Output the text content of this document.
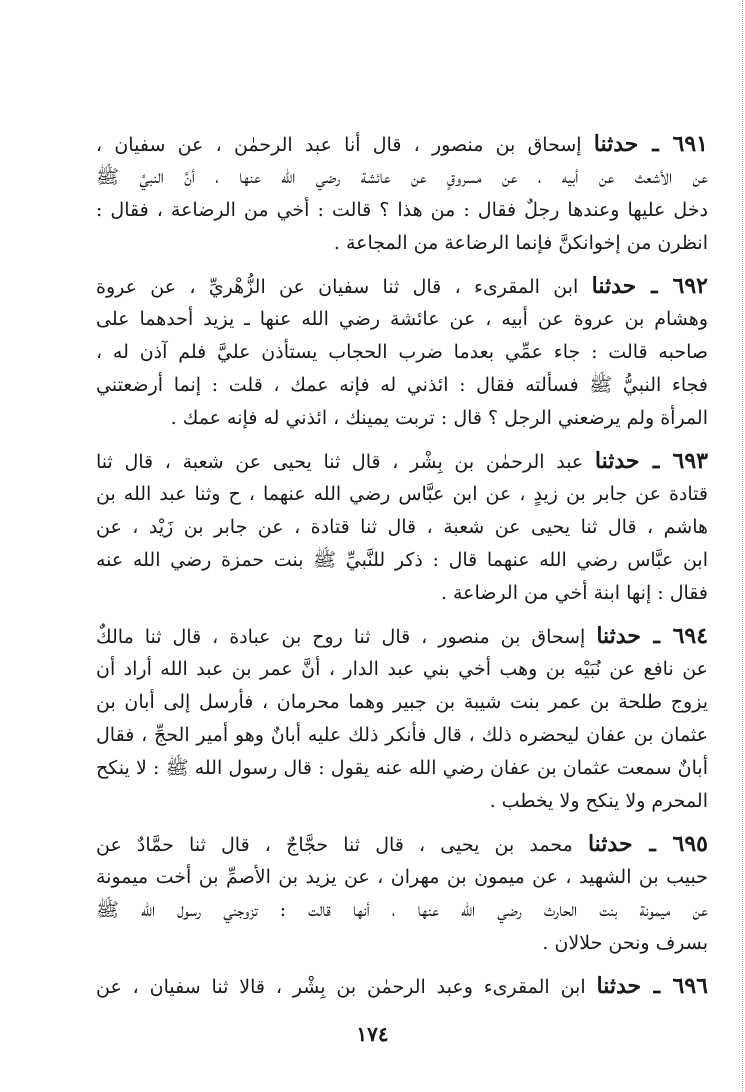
٦٩١ ـ حدثنا إسحاق بن منصور ، قال أنا عبد الرحمٰن ، عن سفيان ،
عن الأشعث عن أبيه ، عن مسروقٍ عن عائشة رضي الله عنها ، أنَّ النبيَّ ﷺ
دخل عليها وعندها رجلٌ فقال : من هذا ؟ قالت : أخي من الرضاعة ، فقال :
انظرن من إخوانكنَّ فإنما الرضاعة من المجاعة .
٦٩٢ ـ حدثنا ابن المقرىء ، قال ثنا سفيان عن الزُّهْريِّ ، عن عروة
وهشام بن عروة عن أبيه ، عن عائشة رضي الله عنها ـ يزيد أحدهما على
صاحبه قالت : جاء عمِّي بعدما ضرب الحجاب يستأذن عليَّ فلم آذن له ،
فجاء النبيُّ ﷺ فسألته فقال : ائذني له فإنه عمك ، قلت : إنما أرضعتني
المرأة ولم يرضعني الرجل ؟ قال : تربت يمينك ، ائذني له فإنه عمك .
٦٩٣ ـ حدثنا عبد الرحمٰن بن بِشْر ، قال ثنا يحيى عن شعبة ، قال ثنا
قتادة عن جابر بن زيدٍ ، عن ابن عبَّاس رضي الله عنهما ، ح وثنا عبد الله بن
هاشم ، قال ثنا يحيى عن شعبة ، قال ثنا قتادة ، عن جابر بن زَيْد ، عن
ابن عبَّاس رضي الله عنهما قال : ذكر للنَّبيِّ ﷺ بنت حمزة رضي الله عنه
فقال : إنها ابنة أخي من الرضاعة .
٦٩٤ ـ حدثنا إسحاق بن منصور ، قال ثنا روح بن عبادة ، قال ثنا مالكٌ
عن نافع عن نُبَيْه بن وهب أخي بني عبد الدار ، أنَّ عمر بن عبد الله أراد أن
يزوج طلحة بن عمر بنت شيبة بن جبير وهما محرمان ، فأرسل إلى أبان بن
عثمان بن عفان ليحضره ذلك ، قال فأنكر ذلك عليه أبانٌ وهو أمير الحجِّ ، فقال
أبانٌ سمعت عثمان بن عفان رضي الله عنه يقول : قال رسول الله ﷺ : لا ينكح
المحرم ولا ينكح ولا يخطب .
٦٩٥ ـ حدثنا محمد بن يحيى ، قال ثنا حجَّاجٌ ، قال ثنا حمَّادٌ عن
حبيب بن الشهيد ، عن ميمون بن مهران ، عن يزيد بن الأصمِّ بن أخت ميمونة
عن ميمونة بنت الحارث رضي الله عنها ، أنها قالت : تزوجني رسول الله ﷺ
بسرف ونحن حلالان .
٦٩٦ ـ حدثنا ابن المقرىء وعبد الرحمٰن بن بِشْر ، قالا ثنا سفيان ، عن
١٧٤
